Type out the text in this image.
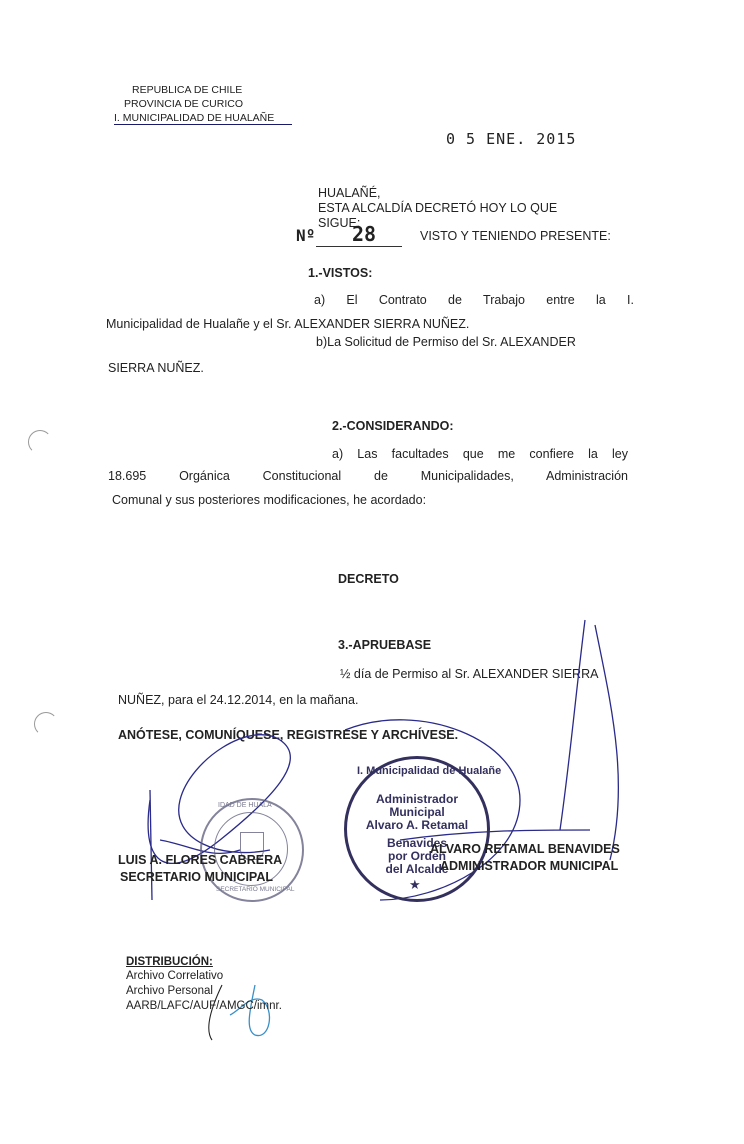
REPUBLICA DE CHILE
PROVINCIA DE CURICO
I. MUNICIPALIDAD DE HUALAÑE
0 5 ENE. 2015
HUALAÑÉ,
ESTA ALCALDÍA DECRETÓ HOY LO QUE
SIGUE:
Nº 28	VISTO Y TENIENDO PRESENTE:
1.-VISTOS:
a) El Contrato de Trabajo entre la I.
Municipalidad de Hualañe y el Sr. ALEXANDER SIERRA NUÑEZ.
b)La Solicitud de Permiso del Sr. ALEXANDER
SIERRA NUÑEZ.
2.-CONSIDERANDO:
a) Las facultades que me confiere la ley
18.695 Orgánica Constitucional de Municipalidades, Administración
Comunal y sus posteriores modificaciones, he acordado:
DECRETO
3.-APRUEBASE
½ día de Permiso al Sr. ALEXANDER SIERRA
NUÑEZ, para el 24.12.2014, en la mañana.
ANÓTESE, COMUNÍQUESE, REGISTRESE Y ARCHÍVESE.
IDAD DE HUALA
SECRETARIO MUNICIPAL
I. Municipalidad de Hualañe
Administrador
Municipal
Alvaro A. Retamal
Benavides
por Orden
del Alcalde
★
LUIS A. FLORES CABRERA
SECRETARIO MUNICIPAL
ALVARO RETAMAL BENAVIDES
ADMINISTRADOR MUNICIPAL
DISTRIBUCIÓN:
Archivo Correlativo
Archivo Personal
AARB/LAFC/AUF/AMGC/imnr.
